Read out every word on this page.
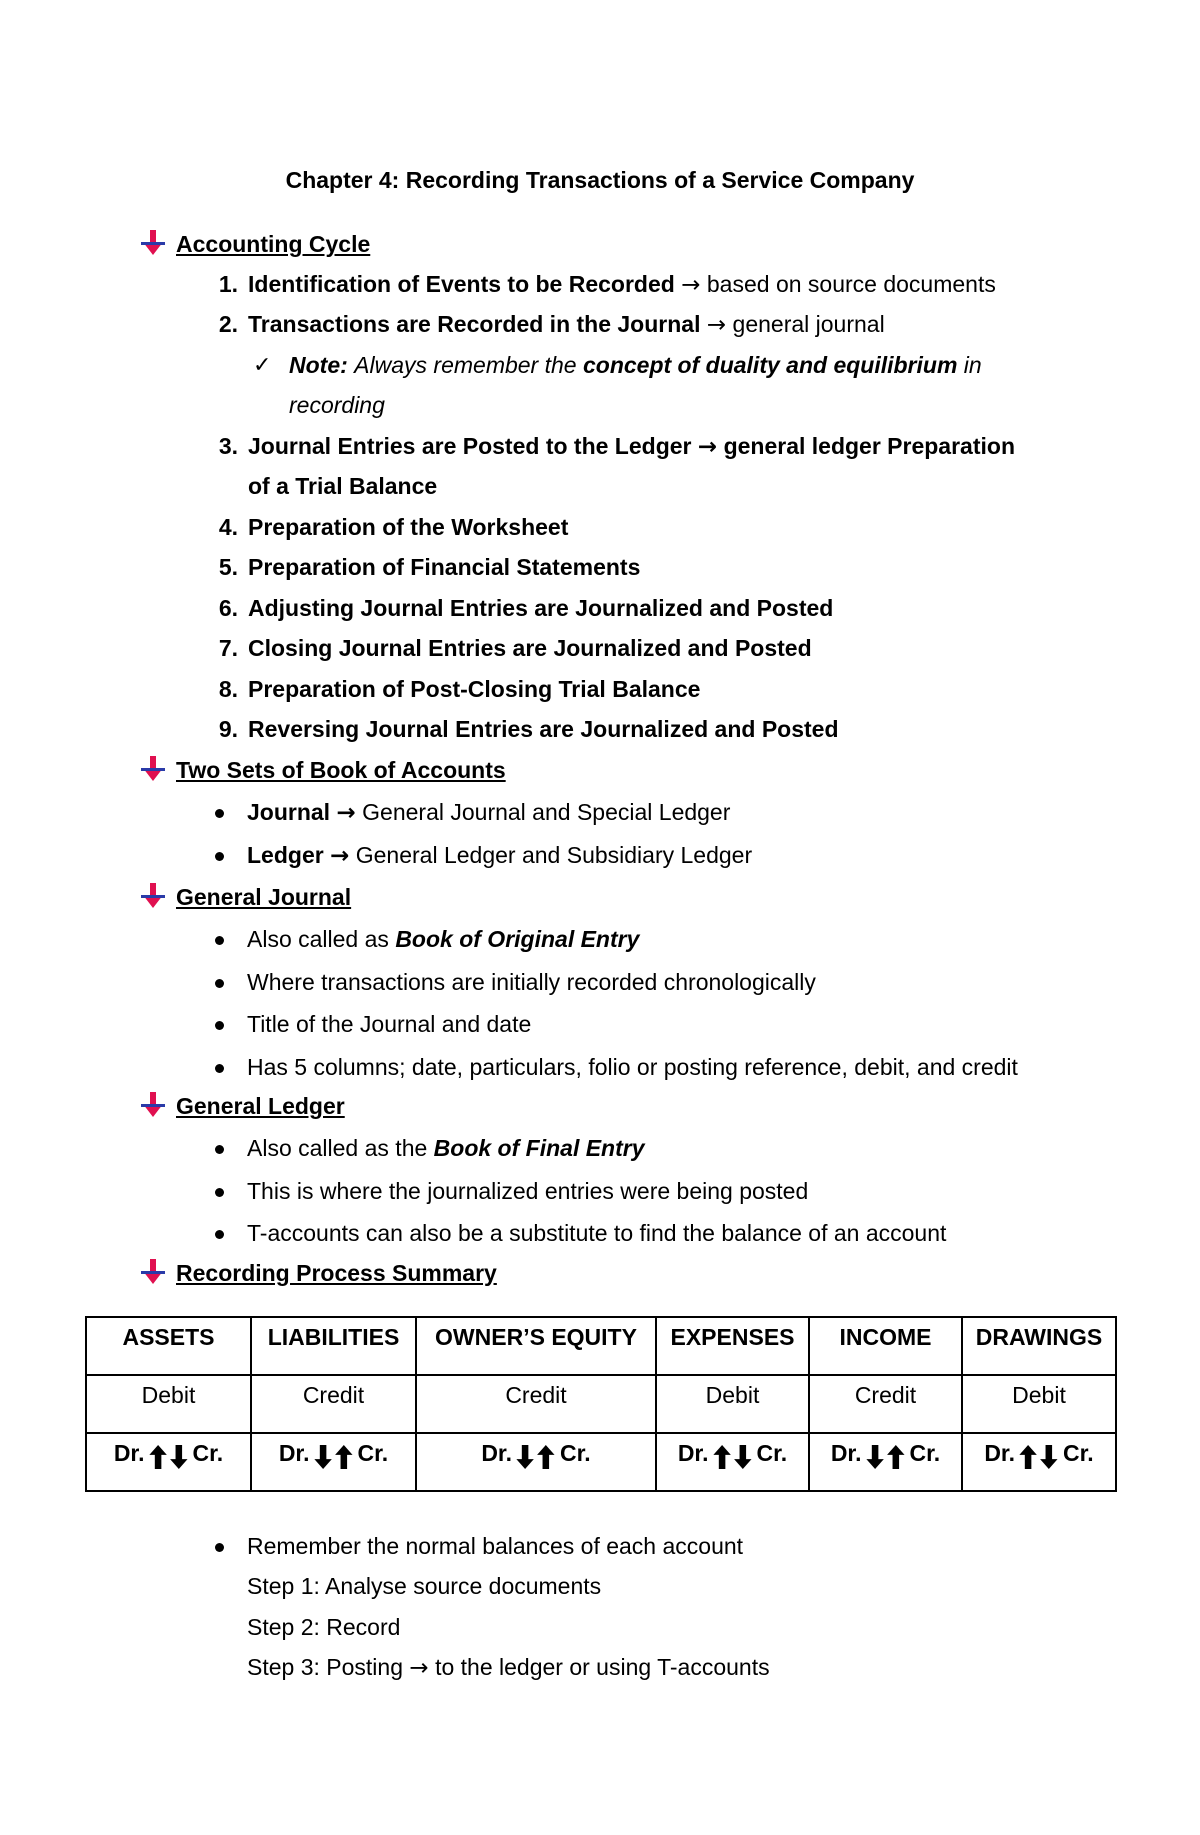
Chapter 4: Recording Transactions of a Service Company
Accounting Cycle
1. Identification of Events to be Recorded → based on source documents
2. Transactions are Recorded in the Journal → general journal
✓ Note: Always remember the concept of duality and equilibrium in
recording
3. Journal Entries are Posted to the Ledger → general ledger Preparation
of a Trial Balance
4. Preparation of the Worksheet
5. Preparation of Financial Statements
6. Adjusting Journal Entries are Journalized and Posted
7. Closing Journal Entries are Journalized and Posted
8. Preparation of Post-Closing Trial Balance
9. Reversing Journal Entries are Journalized and Posted
Two Sets of Book of Accounts
Journal → General Journal and Special Ledger
Ledger → General Ledger and Subsidiary Ledger
General Journal
Also called as Book of Original Entry
Where transactions are initially recorded chronologically
Title of the Journal and date
Has 5 columns; date, particulars, folio or posting reference, debit, and credit
General Ledger
Also called as the Book of Final Entry
This is where the journalized entries were being posted
T-accounts can also be a substitute to find the balance of an account
Recording Process Summary
ASSETS	LIABILITIES	OWNER’S EQUITY	EXPENSES	INCOME	DRAWINGS
Debit	Credit	Credit	Debit	Credit	Debit
Dr. Cr.	Dr. Cr.	Dr. Cr.	Dr. Cr.	Dr. Cr.	Dr. Cr.
Remember the normal balances of each account
Step 1: Analyse source documents
Step 2: Record
Step 3: Posting → to the ledger or using T-accounts
